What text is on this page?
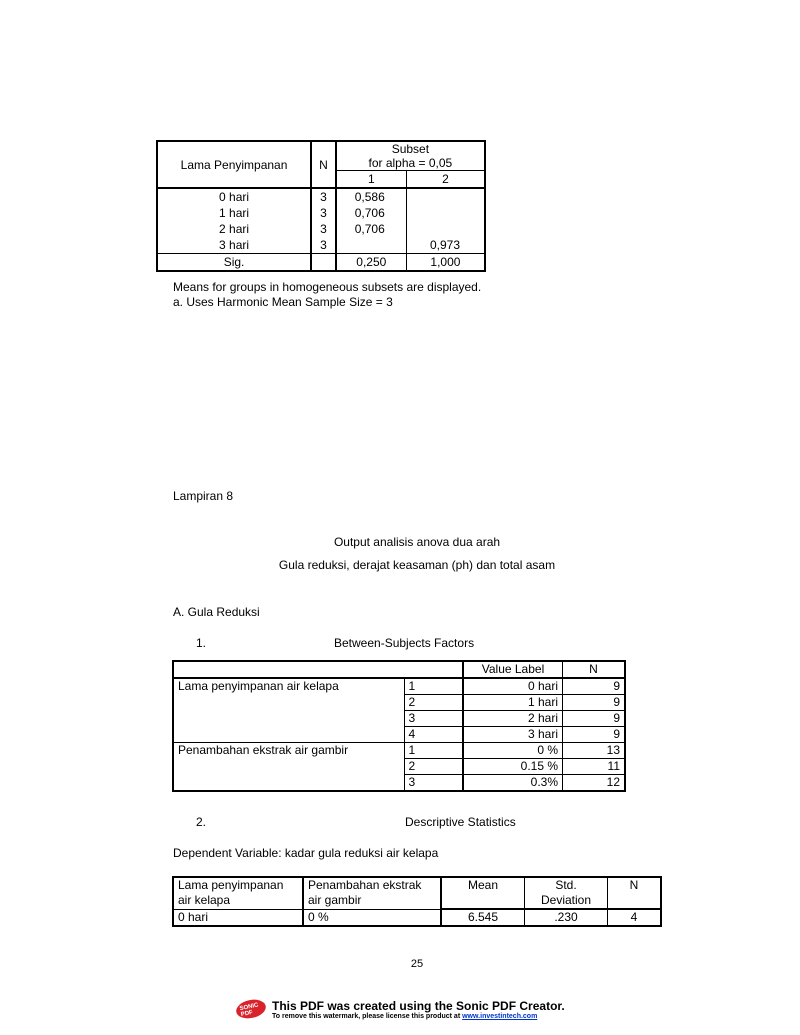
Lama Penyimpanan	N	Subset
for alpha = 0,05	
		1	2
0 hari	3	0,586	
1 hari	3	0,706	
2 hari	3	0,706	
3 hari	3		0,973
Sig.		0,250	1,000
Means for groups in homogeneous subsets are displayed.
a. Uses Harmonic Mean Sample Size = 3
Lampiran 8
Output analisis anova dua arah
Gula reduksi, derajat keasaman (ph) dan total asam
A. Gula Reduksi
1.	Between-Subjects Factors
		Value Label	N
Lama penyimpanan air kelapa	1	0 hari	9
	2	1 hari	9
	3	2 hari	9
	4	3 hari	9
Penambahan ekstrak air gambir	1	0 %	13
	2	0.15 %	11
	3	0.3%	12
2.	Descriptive Statistics
Dependent Variable: kadar gula reduksi air kelapa
Lama penyimpanan	Penambahan ekstrak	Mean	Std.	N
air kelapa	air gambir		Deviation	
0 hari	0 %	6.545	.230	4
25
SONIC PDF
This PDF was created using the Sonic PDF Creator.
To remove this watermark, please license this product at www.investintech.com
